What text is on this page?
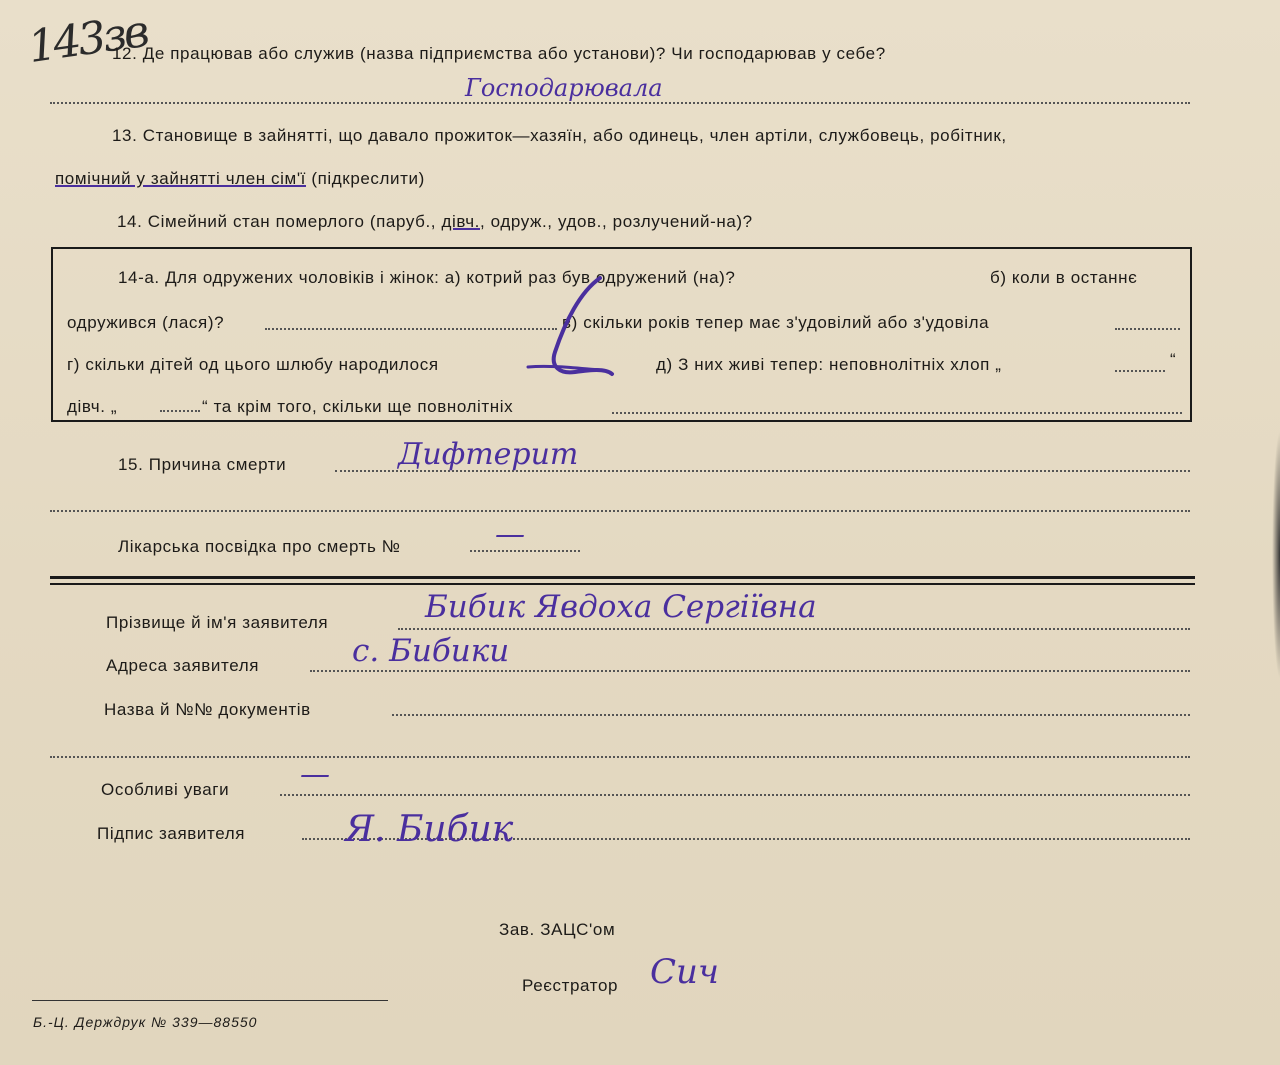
143зв
12. Де працював або служив (назва підприємства або установи)? Чи господарював у себе?
Господарювала
13. Становище в зайнятті, що давало прожиток—хазяїн, або одинець, член артіли, службовець, робітник,
помічний у зайнятті член сім'ї (підкреслити)
14. Сімейний стан померлого (паруб., дівч., одруж., удов., розлучений-на)?
14-а. Для одружених чоловіків і жінок: а) котрий раз був одружений (на)?	б) коли в останнє
одружився (лася)?	в) скільки років тепер має з'удовілий або з'удовіла
г) скільки дітей од цього шлюбу народилося	д) З них живі тепер: неповнолітніх хлоп „	“
дівч. „	“ та крім того, скільки ще повнолітніх
15. Причина смерти	Дифтерит
Лікарська посвідка про смерть №	—
Прізвище й ім'я заявителя	Бибик Явдоха Сергіївна
Адреса заявителя	с. Бибики
Назва й №№ документів
Особливі уваги —
Підпис заявителя	Я. Бибик
Зав. ЗАЦС'ом
Реєстратор Сич
Б.-Ц. Держдрук № 339—88550
